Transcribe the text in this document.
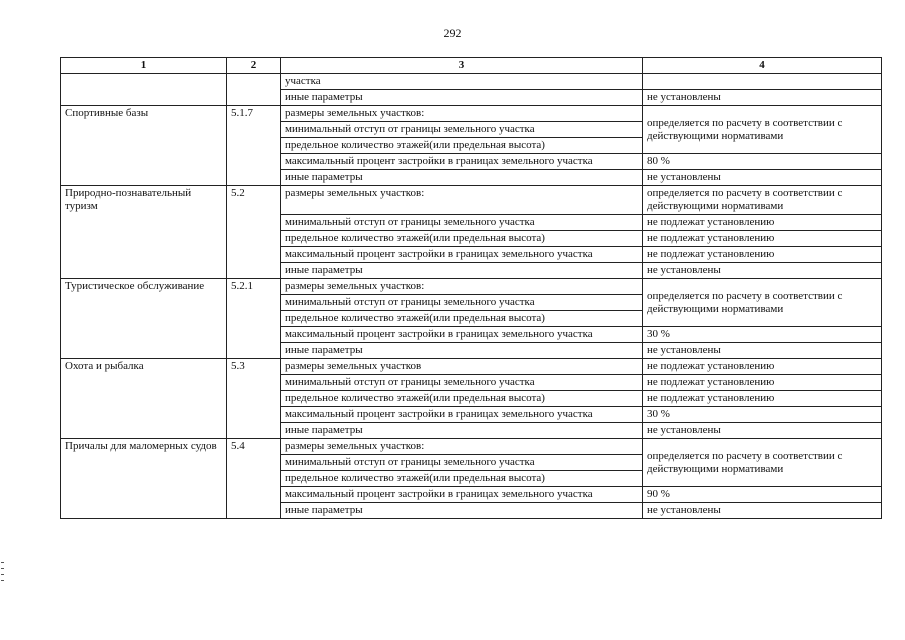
292
1	2	3	4
		участка	
		иные параметры	не установлены
Спортивные базы	5.1.7	размеры земельных участков:	определяется по расчету в соответствии с действующими нормативами
		минимальный отступ от границы земельного участка	
		предельное количество этажей(или предельная высота)	
		максимальный процент застройки в границах земельного участка	80 %
		иные параметры	не установлены
Природно-познавательный туризм	5.2	размеры земельных участков:	определяется по расчету в соответствии с действующими нормативами
		минимальный отступ от границы земельного участка	не подлежат установлению
		предельное количество этажей(или предельная высота)	не подлежат установлению
		максимальный процент застройки в границах земельного участка	не подлежат установлению
		иные параметры	не установлены
Туристическое обслуживание	5.2.1	размеры земельных участков:	определяется по расчету в соответствии с действующими нормативами
		минимальный отступ от границы земельного участка	
		предельное количество этажей(или предельная высота)	
		максимальный процент застройки в границах земельного участка	30 %
		иные параметры	не установлены
Охота и рыбалка	5.3	размеры земельных участков	не подлежат установлению
		минимальный отступ от границы земельного участка	не подлежат установлению
		предельное количество этажей(или предельная высота)	не подлежат установлению
		максимальный процент застройки в границах земельного участка	30 %
		иные параметры	не установлены
Причалы для маломерных судов	5.4	размеры земельных участков:	определяется по расчету в соответствии с действующими нормативами
		минимальный отступ от границы земельного участка	
		предельное количество этажей(или предельная высота)	
		максимальный процент застройки в границах земельного участка	90 %
		иные параметры	не установлены
